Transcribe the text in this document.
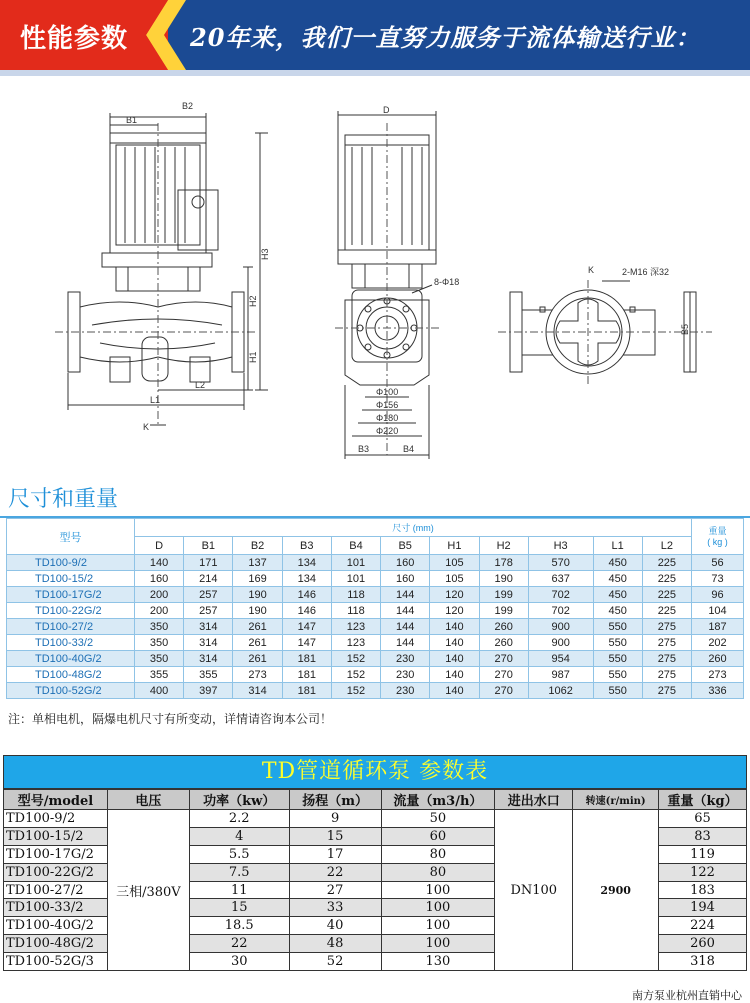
性能参数	20年来，我们一直努力服务于流体输送行业：
B2
B1
H3
H2
H1
L2
L1
K
D
8-Φ18
Φ100
Φ156
Φ180
Φ220
B3	B4
K	2-M16 深32
B5
尺寸和重量
型号	尺寸 (mm)											重量
( kg )

	D	B1	B2	B3	B4	B5	H1	H2	H3	L1	L2	
TD100-9/2	140	171	137	134	101	160	105	178	570	450	225	56
TD100-15/2	160	214	169	134	101	160	105	190	637	450	225	73
TD100-17G/2	200	257	190	146	118	144	120	199	702	450	225	96
TD100-22G/2	200	257	190	146	118	144	120	199	702	450	225	104
TD100-27/2	350	314	261	147	123	144	140	260	900	550	275	187
TD100-33/2	350	314	261	147	123	144	140	260	900	550	275	202
TD100-40G/2	350	314	261	181	152	230	140	270	954	550	275	260
TD100-48G/2	355	355	273	181	152	230	140	270	987	550	275	273
TD100-52G/2	400	397	314	181	152	230	140	270	1062	550	275	336
注：单相电机，隔爆电机尺寸有所变动，详情请咨询本公司！
TD管道循环泵 参数表
型号/model	电压	功率（kw）	扬程（m）	流量（m3/h）	进出水口	转速(r/min)	重量（kg）
TD100-9/2	三相/380V	2.2	9	50	DN100	2900	65
TD100-15/2		4	15	60			83
TD100-17G/2		5.5	17	80			119
TD100-22G/2		7.5	22	80			122
TD100-27/2		11	27	100			183
TD100-33/2		15	33	100			194
TD100-40G/2		18.5	40	100			224
TD100-48G/2		22	48	100			260
TD100-52G/3		30	52	130			318
南方泵业杭州直销中心
